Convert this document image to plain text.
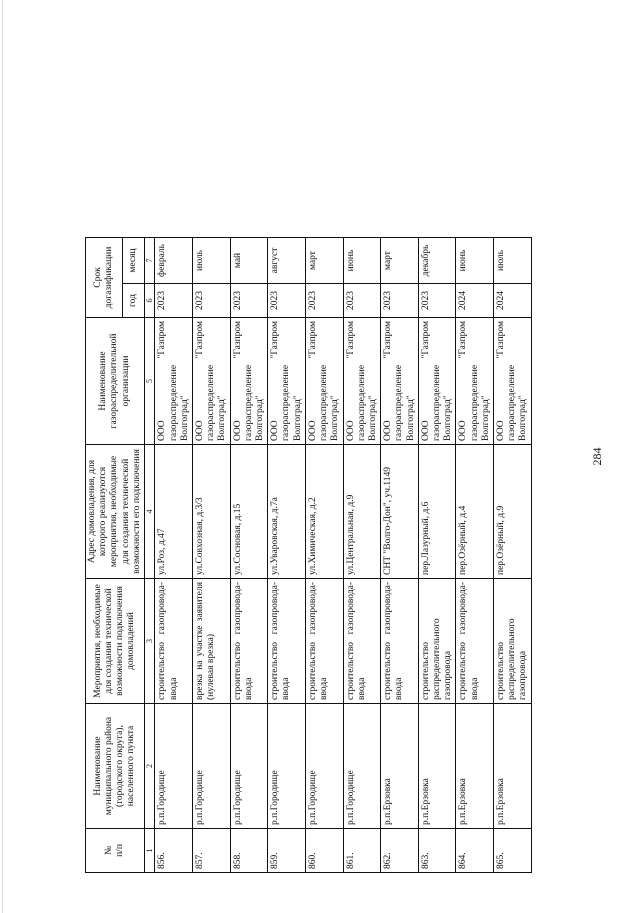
№
п/п	Наименование муниципального района (городского округа), населенного пункта	Мероприятия, необходимые для создания технической возможности подключения домовладений	Адрес домовладения, для которого реализуются мероприятия, необходимые для создания технической возможности его подключения	Наименование газораспределительной организации	Срок догазификации	
					год	месяц
1	2	3	4	5	6	7
856.	р.п.Городище	строительство газопровода-ввода	ул.Роз, д.47	ООО "Газпром газораспределение Волгоград"	2023	февраль
857.	р.п.Городище	врезка на участке заявителя (нулевая врезка)	ул.Совхозная, д.3/3	ООО "Газпром газораспределение Волгоград"	2023	июль
858.	р.п.Городище	строительство газопровода-ввода	ул.Сосновая, д.15	ООО "Газпром газораспределение Волгоград"	2023	май
859.	р.п.Городище	строительство газопровода-ввода	ул.Уваровская, д.7а	ООО "Газпром газораспределение Волгоград"	2023	август
860.	р.п.Городище	строительство газопровода-ввода	ул.Химическая, д.2	ООО "Газпром газораспределение Волгоград"	2023	март
861.	р.п.Городище	строительство газопровода-ввода	ул.Центральная, д.9	ООО "Газпром газораспределение Волгоград"	2023	июнь
862.	р.п.Ерзовка	строительство газопровода-ввода	СНТ "Волго-Дон", уч.1149	ООО "Газпром газораспределение Волгоград"	2023	март
863.	р.п.Ерзовка	строительство распределительного газопровода	пер.Лазурный, д.6	ООО "Газпром газораспределение Волгоград"	2023	декабрь
864.	р.п.Ерзовка	строительство газопровода-ввода	пер.Озёрный, д.4	ООО "Газпром газораспределение Волгоград"	2024	июнь
865.	р.п.Ерзовка	строительство распределительного газопровода	пер.Озёрный, д.9	ООО "Газпром газораспределение Волгоград"	2024	июль
284
